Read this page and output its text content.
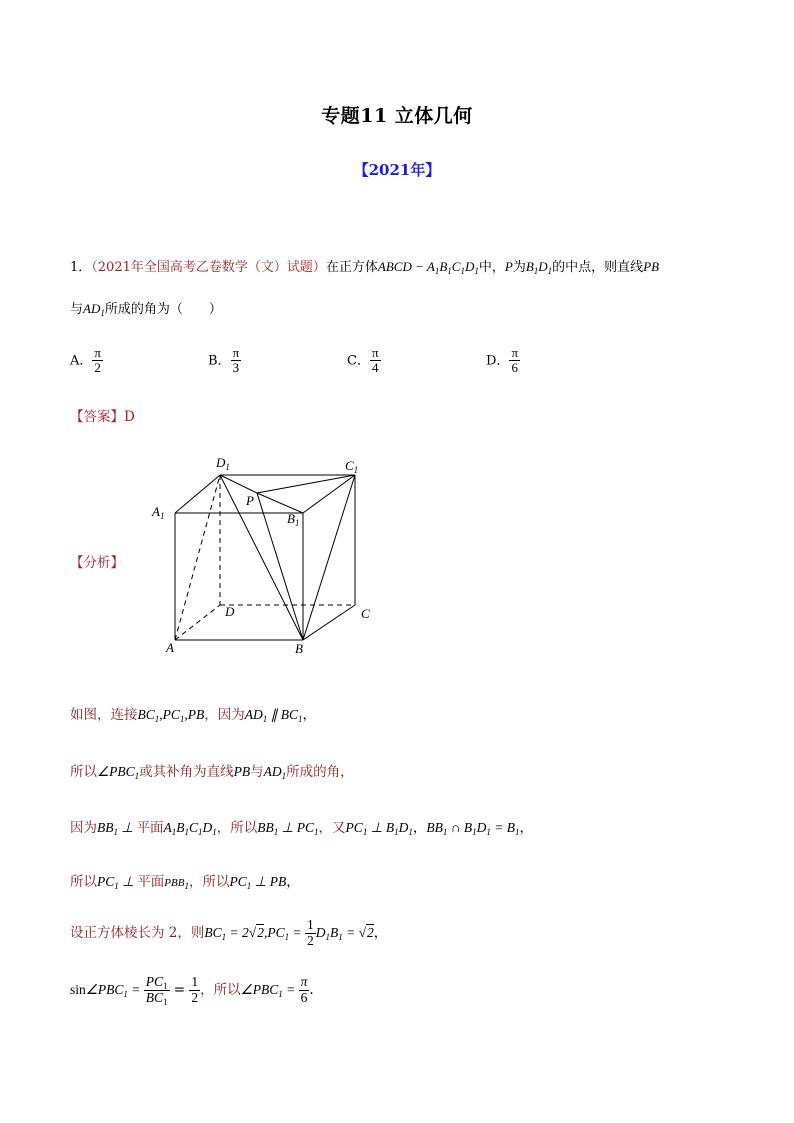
专题11 立体几何
【2021年】
1．（2021年全国高考乙卷数学（文）试题）在正方体ABCD − $A_1B_1C_1D_1$中，P为$B_1D_1$的中点，则直线PB
与$AD_1$所成的角为（　　）
A． $\frac{\pi}{2}$	B． $\frac{\pi}{3}$	C． $\frac{\pi}{4}$	D． $\frac{\pi}{6}$
【答案】D
【分析】
$D_1$	$C_1$
$A_1$	$B_1$
P
D	C
A	B
如图，连接$BC_1,PC_1,PB$，因为$AD_1$ ∥ $BC_1$，
所以$\angle PBC_1$或其补角为直线PB与$AD_1$所成的角，
因为$BB_1$ ⊥ 平面$A_1B_1C_1D_1$，所以$BB_1$ ⊥ $PC_1$，又$PC_1$ ⊥ $B_1D_1$，$BB_1$ ∩ $B_1D_1 = B_1$，
所以$PC_1$ ⊥ 平面$PBB_1$，所以$PC_1$ ⊥ PB，
设正方体棱长为 2，则$BC_1 = 2√2,PC_1 = \frac{1}{2} D_1B_1 = √2$，
$\sin\angle PBC_1 = \frac{PC_1}{BC_1} = \frac{1}{2}$ ，所以$\angle PBC_1 = \frac{\pi}{6}$ .
